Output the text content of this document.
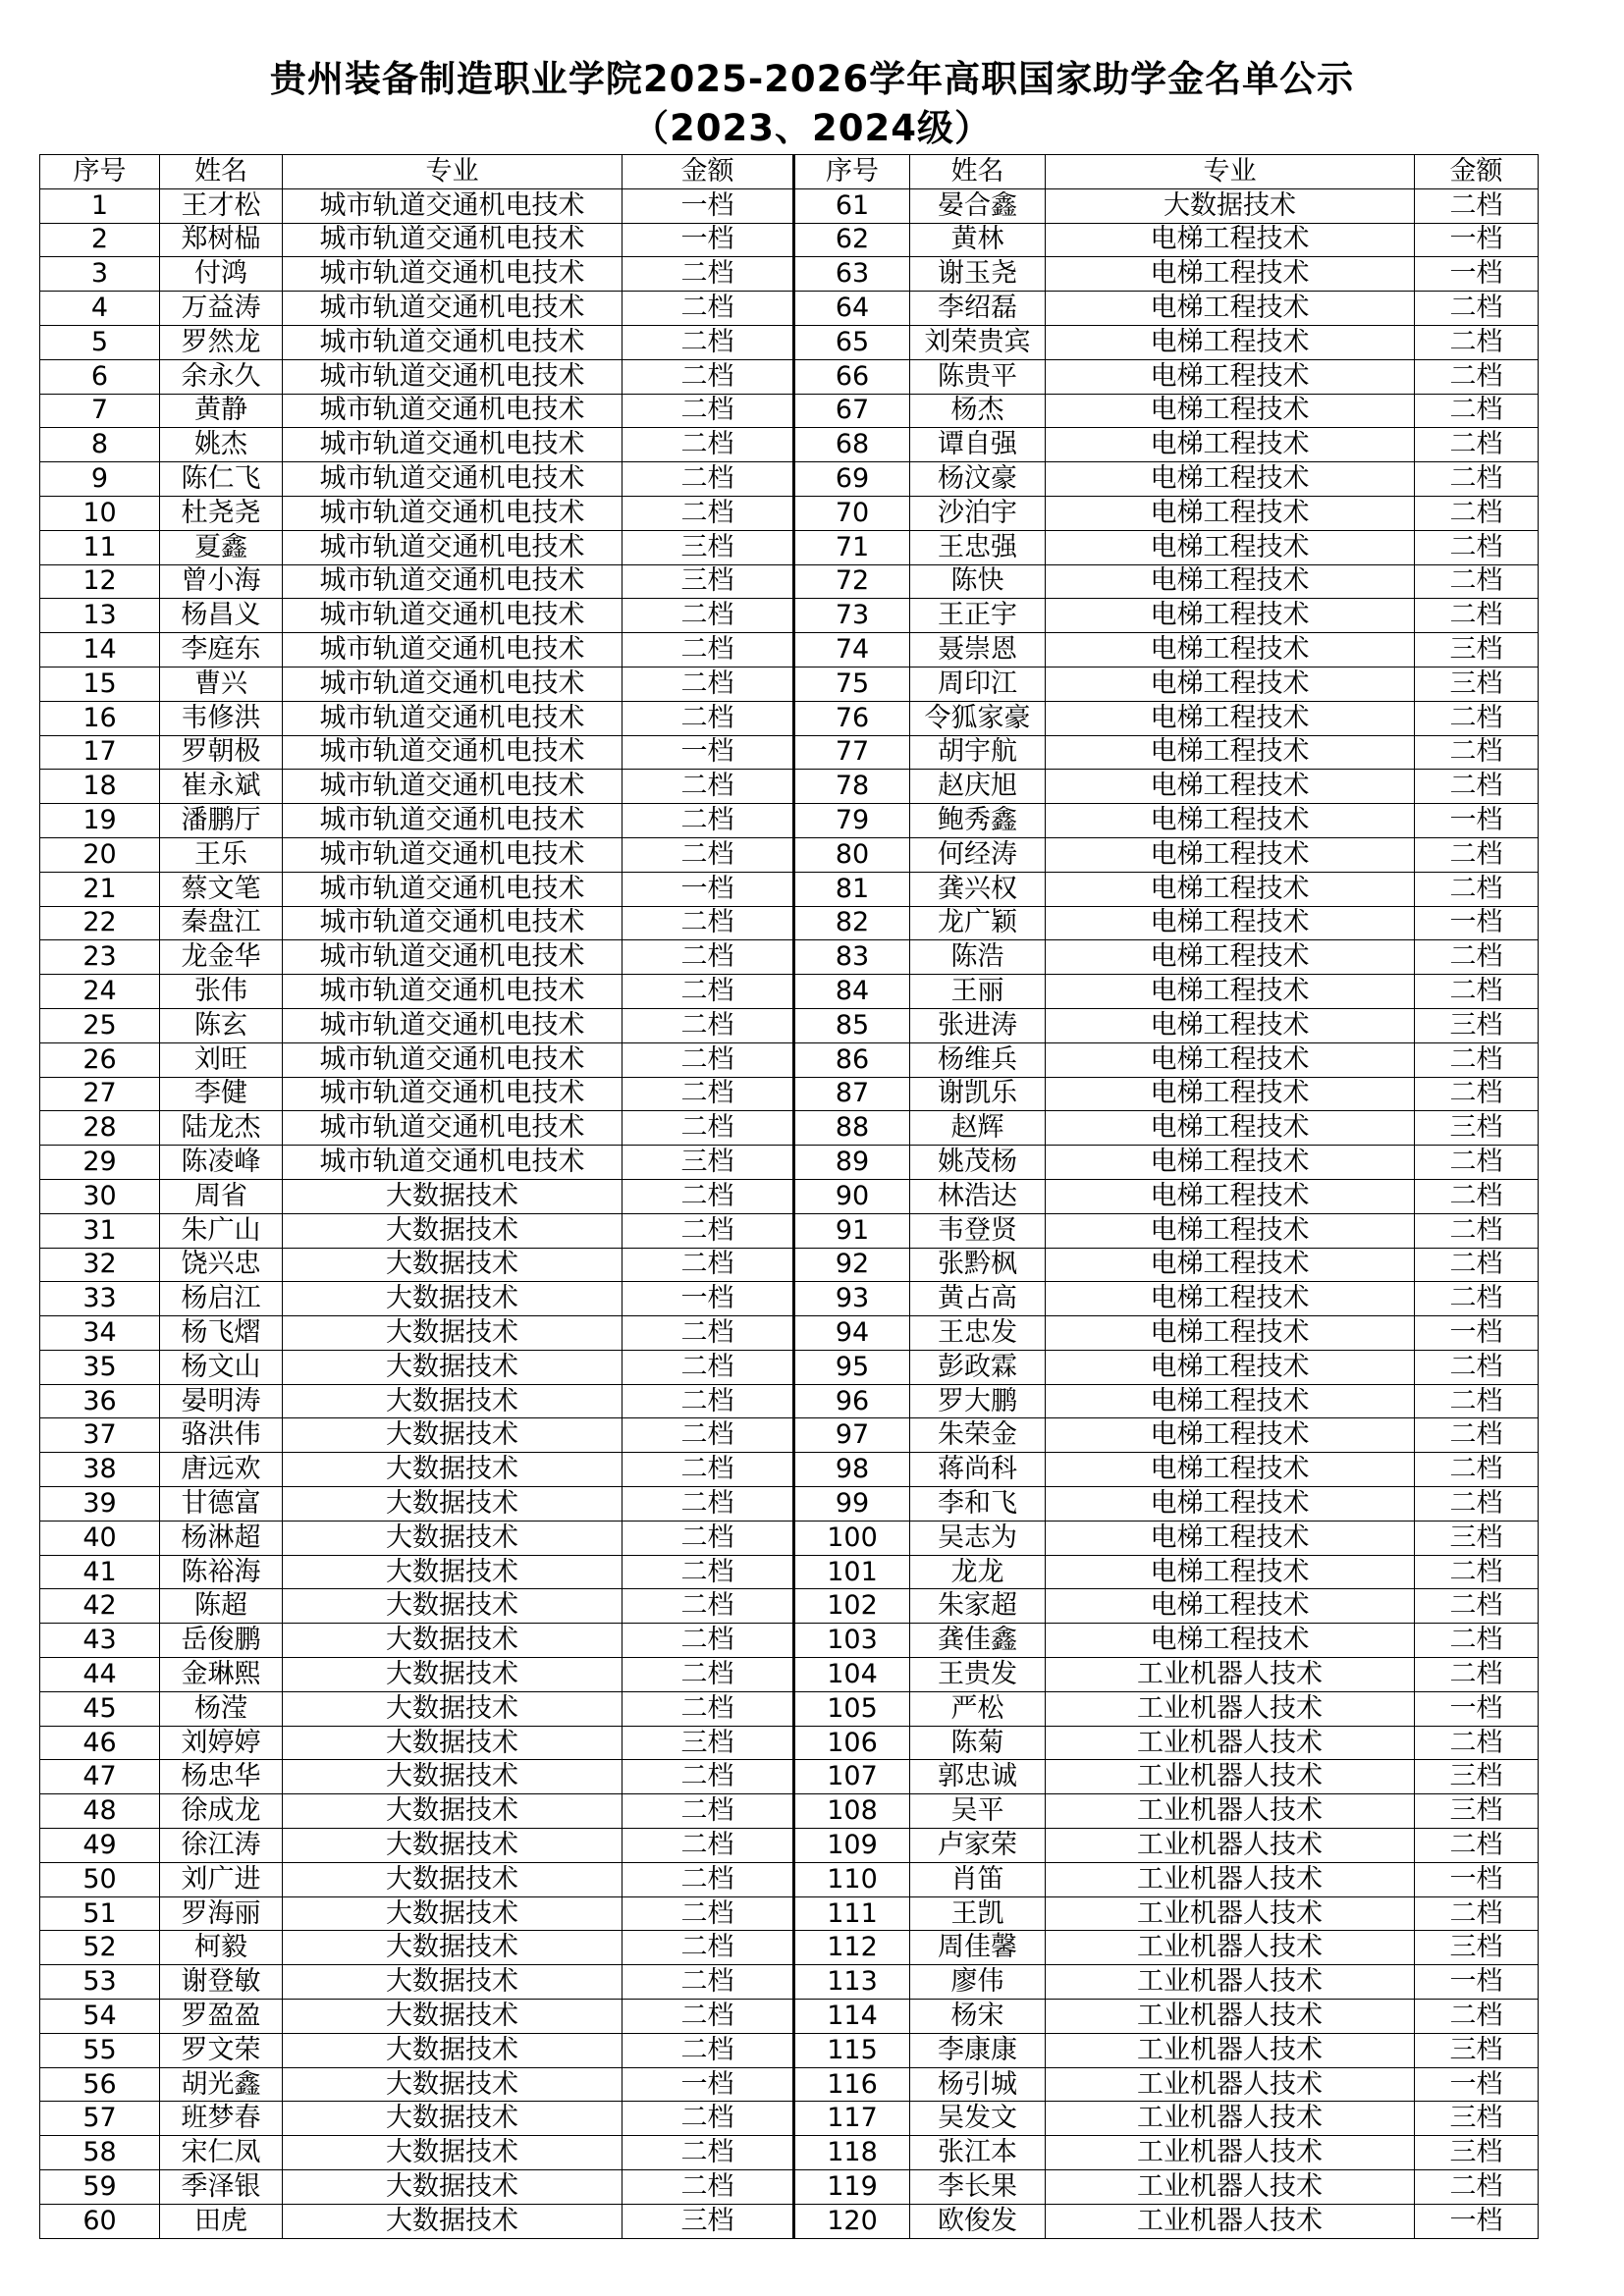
贵州装备制造职业学院2025-2026学年高职国家助学金名单公示
（2023、2024级）
序号	姓名	专业	金额	序号	姓名	专业	金额
1	王才松	城市轨道交通机电技术	一档	61	晏合鑫	大数据技术	二档
2	郑树榀	城市轨道交通机电技术	一档	62	黄林	电梯工程技术	一档
3	付鸿	城市轨道交通机电技术	二档	63	谢玉尧	电梯工程技术	一档
4	万益涛	城市轨道交通机电技术	二档	64	李绍磊	电梯工程技术	二档
5	罗然龙	城市轨道交通机电技术	二档	65	刘荣贵宾	电梯工程技术	二档
6	余永久	城市轨道交通机电技术	二档	66	陈贵平	电梯工程技术	二档
7	黄静	城市轨道交通机电技术	二档	67	杨杰	电梯工程技术	二档
8	姚杰	城市轨道交通机电技术	二档	68	谭自强	电梯工程技术	二档
9	陈仁飞	城市轨道交通机电技术	二档	69	杨汶豪	电梯工程技术	二档
10	杜尧尧	城市轨道交通机电技术	二档	70	沙泊宇	电梯工程技术	二档
11	夏鑫	城市轨道交通机电技术	三档	71	王忠强	电梯工程技术	二档
12	曾小海	城市轨道交通机电技术	三档	72	陈快	电梯工程技术	二档
13	杨昌义	城市轨道交通机电技术	二档	73	王正宇	电梯工程技术	二档
14	李庭东	城市轨道交通机电技术	二档	74	聂崇恩	电梯工程技术	三档
15	曹兴	城市轨道交通机电技术	二档	75	周印江	电梯工程技术	三档
16	韦修洪	城市轨道交通机电技术	二档	76	令狐家豪	电梯工程技术	二档
17	罗朝极	城市轨道交通机电技术	一档	77	胡宇航	电梯工程技术	二档
18	崔永斌	城市轨道交通机电技术	二档	78	赵庆旭	电梯工程技术	二档
19	潘鹏厅	城市轨道交通机电技术	二档	79	鲍秀鑫	电梯工程技术	一档
20	王乐	城市轨道交通机电技术	二档	80	何经涛	电梯工程技术	二档
21	蔡文笔	城市轨道交通机电技术	一档	81	龚兴权	电梯工程技术	二档
22	秦盘江	城市轨道交通机电技术	二档	82	龙广颖	电梯工程技术	一档
23	龙金华	城市轨道交通机电技术	二档	83	陈浩	电梯工程技术	二档
24	张伟	城市轨道交通机电技术	二档	84	王丽	电梯工程技术	二档
25	陈玄	城市轨道交通机电技术	二档	85	张进涛	电梯工程技术	三档
26	刘旺	城市轨道交通机电技术	二档	86	杨维兵	电梯工程技术	二档
27	李健	城市轨道交通机电技术	二档	87	谢凯乐	电梯工程技术	二档
28	陆龙杰	城市轨道交通机电技术	二档	88	赵辉	电梯工程技术	三档
29	陈凌峰	城市轨道交通机电技术	三档	89	姚茂杨	电梯工程技术	二档
30	周省	大数据技术	二档	90	林浩达	电梯工程技术	二档
31	朱广山	大数据技术	二档	91	韦登贤	电梯工程技术	二档
32	饶兴忠	大数据技术	二档	92	张黔枫	电梯工程技术	二档
33	杨启江	大数据技术	一档	93	黄占高	电梯工程技术	二档
34	杨飞熠	大数据技术	二档	94	王忠发	电梯工程技术	一档
35	杨文山	大数据技术	二档	95	彭政霖	电梯工程技术	二档
36	晏明涛	大数据技术	二档	96	罗大鹏	电梯工程技术	二档
37	骆洪伟	大数据技术	二档	97	朱荣金	电梯工程技术	二档
38	唐远欢	大数据技术	二档	98	蒋尚科	电梯工程技术	二档
39	甘德富	大数据技术	二档	99	李和飞	电梯工程技术	二档
40	杨淋超	大数据技术	二档	100	吴志为	电梯工程技术	三档
41	陈裕海	大数据技术	二档	101	龙龙	电梯工程技术	二档
42	陈超	大数据技术	二档	102	朱家超	电梯工程技术	二档
43	岳俊鹏	大数据技术	二档	103	龚佳鑫	电梯工程技术	二档
44	金琳熙	大数据技术	二档	104	王贵发	工业机器人技术	二档
45	杨滢	大数据技术	二档	105	严松	工业机器人技术	一档
46	刘婷婷	大数据技术	三档	106	陈菊	工业机器人技术	二档
47	杨忠华	大数据技术	二档	107	郭忠诚	工业机器人技术	三档
48	徐成龙	大数据技术	二档	108	吴平	工业机器人技术	三档
49	徐江涛	大数据技术	二档	109	卢家荣	工业机器人技术	二档
50	刘广进	大数据技术	二档	110	肖笛	工业机器人技术	一档
51	罗海丽	大数据技术	二档	111	王凯	工业机器人技术	二档
52	柯毅	大数据技术	二档	112	周佳馨	工业机器人技术	三档
53	谢登敏	大数据技术	二档	113	廖伟	工业机器人技术	一档
54	罗盈盈	大数据技术	二档	114	杨宋	工业机器人技术	二档
55	罗文荣	大数据技术	二档	115	李康康	工业机器人技术	三档
56	胡光鑫	大数据技术	一档	116	杨引城	工业机器人技术	一档
57	班梦春	大数据技术	二档	117	吴发文	工业机器人技术	三档
58	宋仁凤	大数据技术	二档	118	张江本	工业机器人技术	三档
59	季泽银	大数据技术	二档	119	李长果	工业机器人技术	二档
60	田虎	大数据技术	三档	120	欧俊发	工业机器人技术	一档
